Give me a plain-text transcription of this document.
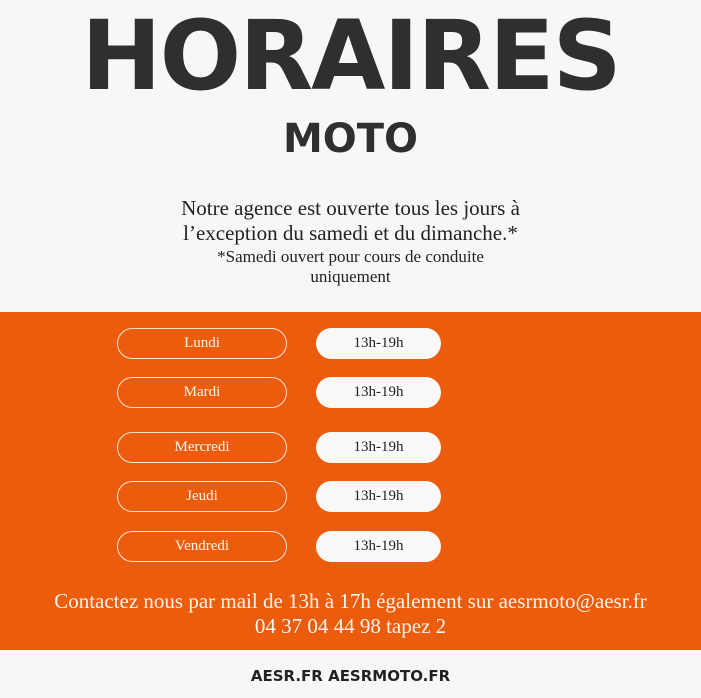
HORAIRES
MOTO
Notre agence est ouverte tous les jours à
l’exception du samedi et du dimanche.*
*Samedi ouvert pour cours de conduite
uniquement
Lundi	13h-19h
Mardi	13h-19h
Mercredi	13h-19h
Jeudi	13h-19h
Vendredi	13h-19h
Contactez nous par mail de 13h à 17h également sur aesrmoto@aesr.fr
04 37 04 44 98 tapez 2
AESR.FR AESRMOTO.FR
